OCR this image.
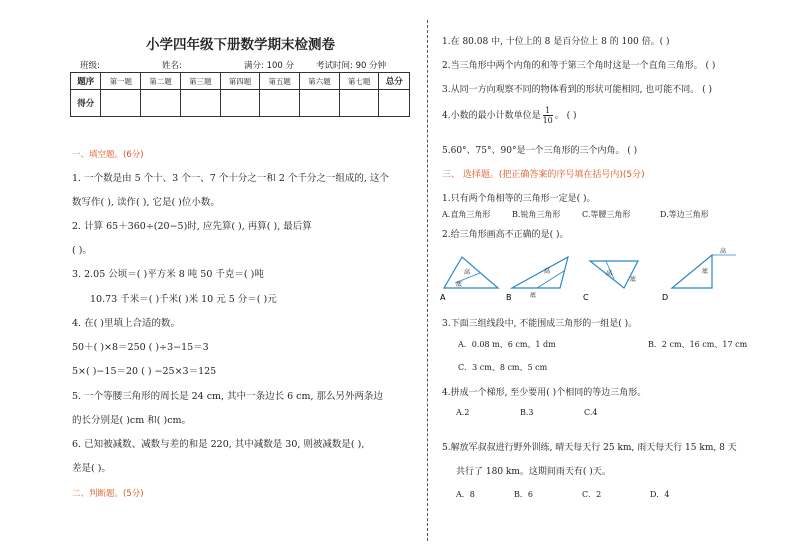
小学四年级下册数学期末检测卷
班级:	姓名:	满分: 100 分	考试时间: 90 分钟
题序	第一题	第二题	第三题	第四题	第五题	第六题	第七题	总分
得分								
一、填空题。(6分)
1. 一个数是由 5 个十、3 个一、7 个十分之一和 2 个千分之一组成的, 这个
数写作( ), 读作( ), 它是( )位小数。
2. 计算 65＋360÷(20−5)时, 应先算( ), 再算( ), 最后算
( )。
3. 2.05 公顷＝( )平方米 8 吨 50 千克＝( )吨
10.73 千米＝( )千米( )米 10 元 5 分＝( )元
4. 在( )里填上合适的数。
50＋( )×8＝250 ( )÷3−15＝3
5×( )−15＝20 ( ) −25×3＝125
5. 一个等腰三角形的周长是 24 cm, 其中一条边长 6 cm, 那么另外两条边
的长分别是( )cm 和( )cm。
6. 已知被减数、减数与差的和是 220, 其中减数是 30, 则被减数是( ),
差是( )。
二、判断题。(5分)
1.在 80.08 中, 十位上的 8 是百分位上 8 的 100 倍。( )
2.当三角形中两个内角的和等于第三个角时这是一个直角三角形。 ( )
3.从同一方向观察不同的物体看到的形状可能相同, 也可能不同。 ( )
4.小数的最小计数单位是 $\frac{1}{10}$ 。 ( )
5.60°、75°、90°是一个三角形的三个内角。 ( )
三、 选择题。(把正确答案的序号填在括号内)(5分)
1.只有两个角相等的三角形一定是( )。
A.直角三角形	B.锐角三角形	C.等腰三角形	D.等边三角形
2.给三角形画高不正确的是( )。
高
底
A
高
底
B
高
底
C
高
底
D
3.下面三组线段中, 不能围成三角形的一组是( )。
A．0.08 m、6 cm、1 dm	B．2 cm、16 cm、17 cm
C．3 cm、8 cm、5 cm
4.拼成一个梯形, 至少要用( )个相同的等边三角形。
A.2	B.3	C.4
5.解放军叔叔进行野外训练, 晴天每天行 25 km, 雨天每天行 15 km, 8 天
共行了 180 km。这期间雨天有( )天。
A．8	B．6	C．2	D．4
